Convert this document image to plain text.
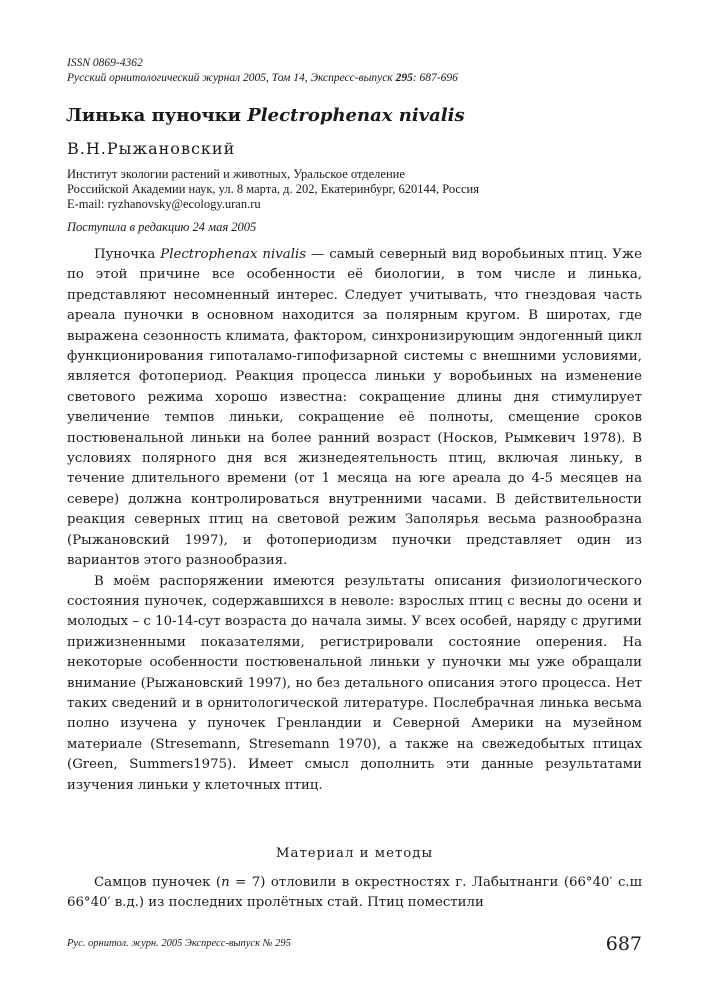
ISSN 0869-4362
Русский орнитологический журнал 2005, Том 14, Экспресс-выпуск 295: 687-696
Линька пуночки Plectrophenax nivalis
В.Н.Рыжановский
Институт экологии растений и животных, Уральское отделение
Российской Академии наук, ул. 8 марта, д. 202, Екатеринбург, 620144, Россия
E-mail: ryzhanovsky@ecology.uran.ru
Поступила в редакцию 24 мая 2005

Пуночка Plectrophenax nivalis — самый северный вид воробьиных птиц. Уже по этой причине все особенности её биологии, в том числе и линька, представляют несомненный интерес. Следует учитывать, что гнездовая часть ареала пуночки в основном находится за полярным кругом. В широтах, где выражена сезонность климата, фактором, синхронизирующим эндогенный цикл функционирования гипоталамо-гипофизарной системы с внешними условиями, является фотопериод. Реакция процесса линьки у воробьиных на изменение светового режима хорошо известна: сокращение длины дня стимулирует увеличение темпов линьки, сокращение её полноты, смещение сроков постювенальной линьки на более ранний возраст (Носков, Рымкевич 1978). В условиях полярного дня вся жизнедеятельность птиц, включая линьку, в течение длительного времени (от 1 месяца на юге ареала до 4-5 месяцев на севере) должна контролироваться внутренними часами. В действительности реакция северных птиц на световой режим Заполярья весьма разнообразна (Рыжановский 1997), и фотопериодизм пуночки представляет один из вариантов этого разнообразия.

В моём распоряжении имеются результаты описания физиологического состояния пуночек, содержавшихся в неволе: взрослых птиц с весны до осени и молодых – с 10-14-сут возраста до начала зимы. У всех особей, наряду с другими прижизненными показателями, регистрировали состояние оперения. На некоторые особенности постювенальной линьки у пуночки мы уже обращали внимание (Рыжановский 1997), но без детального описания этого процесса. Нет таких сведений и в орнитологической литературе. Послебрачная линька весьма полно изучена у пуночек Гренландии и Северной Америки на музейном материале (Stresemann, Stresemann 1970), а также на свежедобытых птицах (Green, Summers1975). Имеет смысл дополнить эти данные результатами изучения линьки у клеточных птиц.

Материал и методы

Самцов пуночек (n = 7) отловили в окрестностях г. Лабытнанги (66°40′ с.ш 66°40′ в.д.) из последних пролётных стай. Птиц поместили

Рус. орнитол. журн. 2005 Экспресс-выпуск № 295	687
